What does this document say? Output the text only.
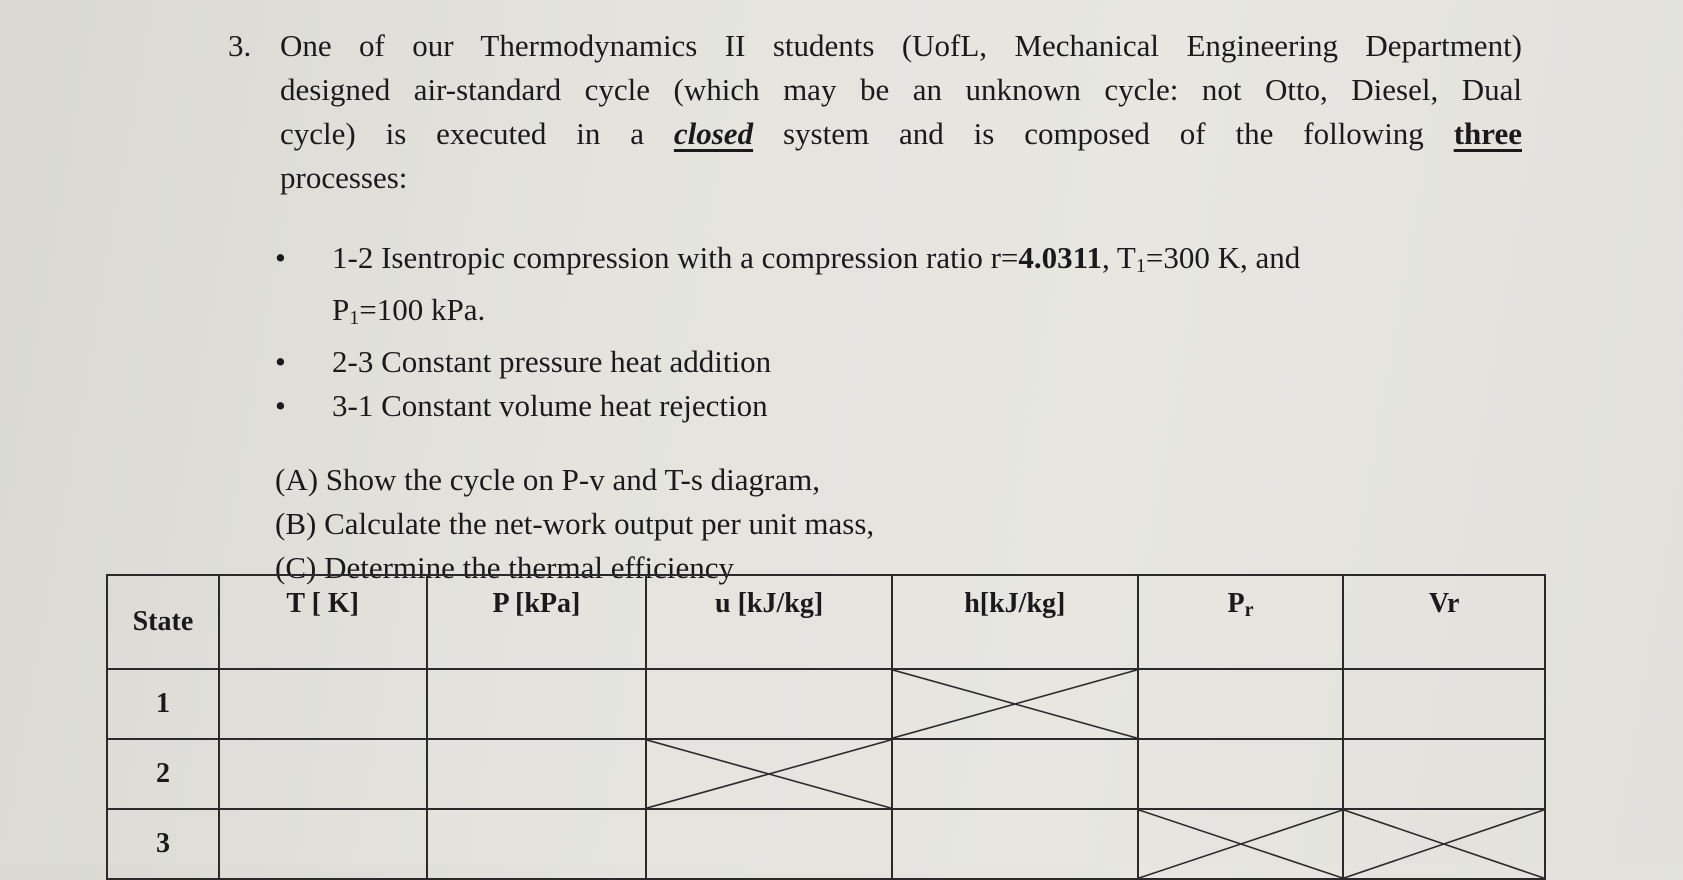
3. One of our Thermodynamics II students (UofL, Mechanical Engineering Department)
designed air-standard cycle (which may be an unknown cycle: not Otto, Diesel, Dual
cycle) is executed in a closed system and is composed of the following three
processes:
• 1-2 Isentropic compression with a compression ratio r=4.0311, $T_1=300$ K, and
$P_1=100$ kPa.
• 2-3 Constant pressure heat addition
• 3-1 Constant volume heat rejection
(A) Show the cycle on P-v and T-s diagram,
(B) Calculate the net-work output per unit mass,
(C) Determine the thermal efficiency
State	T [ K]	P [kPa]	u [kJ/kg]	h[kJ/kg]	$P_r$	Vr
1				

2			

3					
